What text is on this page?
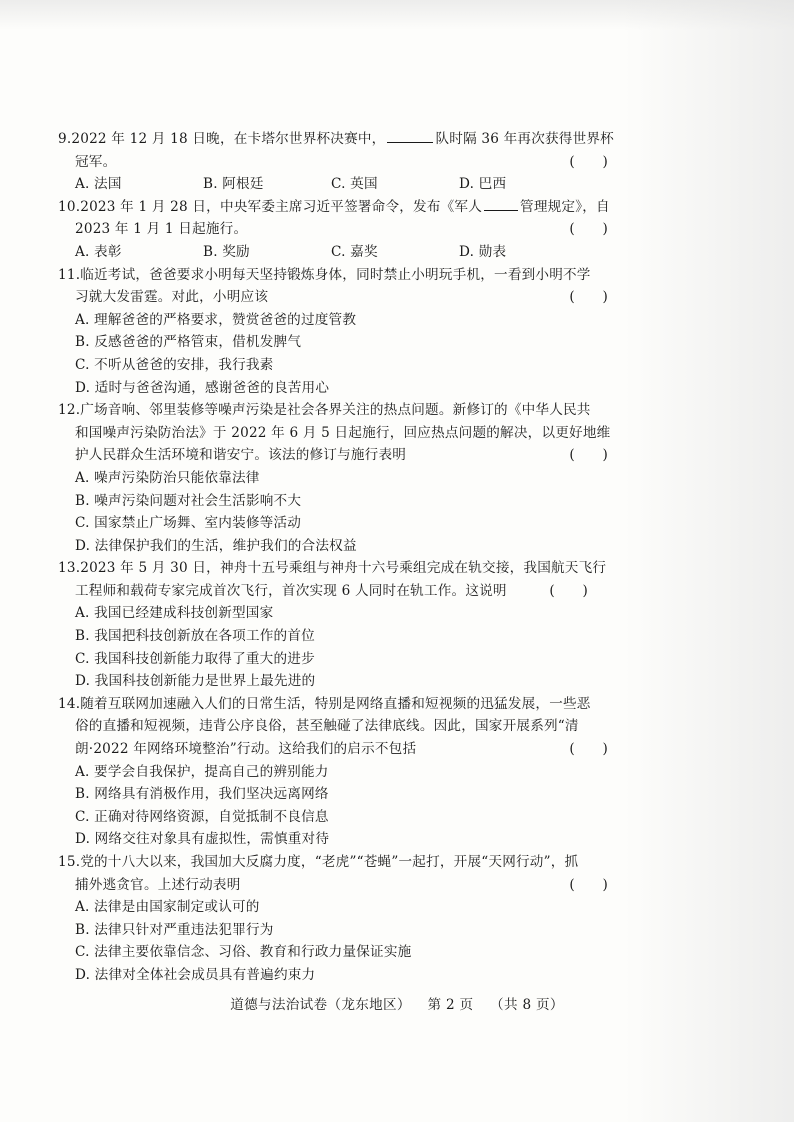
9.2022 年 12 月 18 日晚，在卡塔尔世界杯决赛中，	队时隔 36 年再次获得世界杯
冠军。	(　　)
A. 法国	B. 阿根廷	C. 英国	D. 巴西
10.2023 年 1 月 28 日，中央军委主席习近平签署命令，发布《军人	管理规定》，自
2023 年 1 月 1 日起施行。	(　　)
A. 表彰	B. 奖励	C. 嘉奖	D. 勋表
11.临近考试，爸爸要求小明每天坚持锻炼身体，同时禁止小明玩手机，一看到小明不学
习就大发雷霆。对此，小明应该	(　　)
A. 理解爸爸的严格要求，赞赏爸爸的过度管教
B. 反感爸爸的严格管束，借机发脾气
C. 不听从爸爸的安排，我行我素
D. 适时与爸爸沟通，感谢爸爸的良苦用心
12.广场音响、邻里装修等噪声污染是社会各界关注的热点问题。新修订的《中华人民共
和国噪声污染防治法》于 2022 年 6 月 5 日起施行，回应热点问题的解决，以更好地维
护人民群众生活环境和谐安宁。该法的修订与施行表明	(　　)
A. 噪声污染防治只能依靠法律
B. 噪声污染问题对社会生活影响不大
C. 国家禁止广场舞、室内装修等活动
D. 法律保护我们的生活，维护我们的合法权益
13.2023 年 5 月 30 日，神舟十五号乘组与神舟十六号乘组完成在轨交接，我国航天飞行
工程师和载荷专家完成首次飞行，首次实现 6 人同时在轨工作。这说明	(　　)
A. 我国已经建成科技创新型国家
B. 我国把科技创新放在各项工作的首位
C. 我国科技创新能力取得了重大的进步
D. 我国科技创新能力是世界上最先进的
14.随着互联网加速融入人们的日常生活，特别是网络直播和短视频的迅猛发展，一些恶
俗的直播和短视频，违背公序良俗，甚至触碰了法律底线。因此，国家开展系列“清
朗·2022 年网络环境整治”行动。这给我们的启示不包括	(　　)
A. 要学会自我保护，提高自己的辨别能力
B. 网络具有消极作用，我们坚决远离网络
C. 正确对待网络资源，自觉抵制不良信息
D. 网络交往对象具有虚拟性，需慎重对待
15.党的十八大以来，我国加大反腐力度，“老虎”“苍蝇”一起打，开展“天网行动”，抓
捕外逃贪官。上述行动表明	(　　)
A. 法律是由国家制定或认可的
B. 法律只针对严重违法犯罪行为
C. 法律主要依靠信念、习俗、教育和行政力量保证实施
D. 法律对全体社会成员具有普遍约束力
道德与法治试卷（龙东地区） 第 2 页 （共 8 页）
